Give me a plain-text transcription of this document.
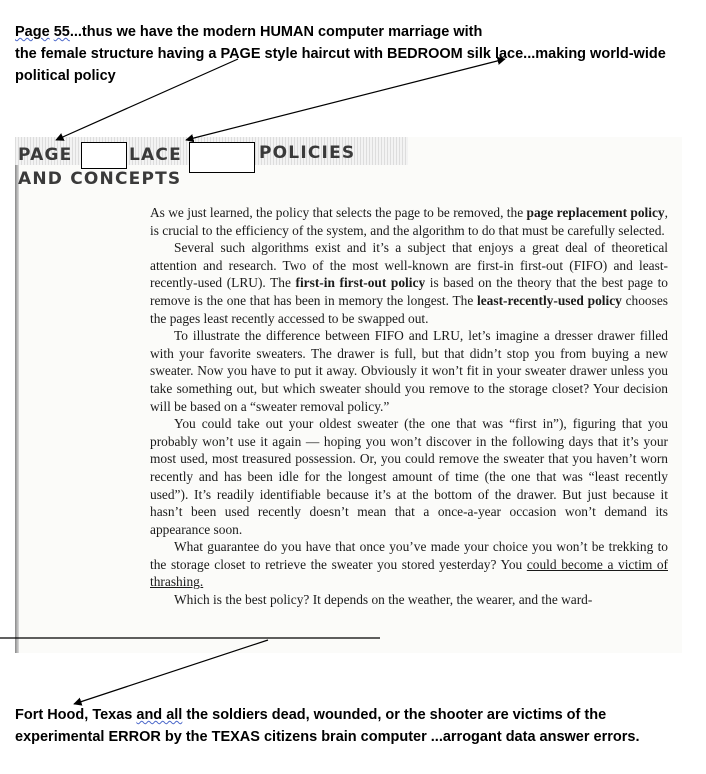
Page 55...thus we have the modern HUMAN computer marriage with
the female structure having a PAGE style haircut with BEDROOM silk lace...making world-wide
political policy
PAGE	LACE	POLICIES
AND CONCEPTS

As we just learned, the policy that selects the page to be removed, the page replacement policy, is crucial to the efficiency of the system, and the algorithm to do that must be carefully selected.

Several such algorithms exist and it’s a subject that enjoys a great deal of theoretical attention and research. Two of the most well-known are first-in first-out (FIFO) and least-recently-used (LRU). The first-in first-out policy is based on the theory that the best page to remove is the one that has been in memory the longest. The least-recently-used policy chooses the pages least recently accessed to be swapped out.

To illustrate the difference between FIFO and LRU, let’s imagine a dresser drawer filled with your favorite sweaters. The drawer is full, but that didn’t stop you from buying a new sweater. Now you have to put it away. Obviously it won’t fit in your sweater drawer unless you take something out, but which sweater should you remove to the storage closet? Your decision will be based on a “sweater removal policy.”

You could take out your oldest sweater (the one that was “first in”), figuring that you probably won’t use it again — hoping you won’t discover in the following days that it’s your most used, most treasured possession. Or, you could remove the sweater that you haven’t worn recently and has been idle for the longest amount of time (the one that was “least recently used”). It’s readily identifiable because it’s at the bottom of the drawer. But just because it hasn’t been used recently doesn’t mean that a once-a-year occasion won’t demand its appearance soon.

What guarantee do you have that once you’ve made your choice you won’t be trekking to the storage closet to retrieve the sweater you stored yesterday? You could become a victim of thrashing.

Which is the best policy? It depends on the weather, the wearer, and the ward-

Fort Hood, Texas and all the soldiers dead, wounded, or the shooter are victims of the
experimental ERROR by the TEXAS citizens brain computer ...arrogant data answer errors.
